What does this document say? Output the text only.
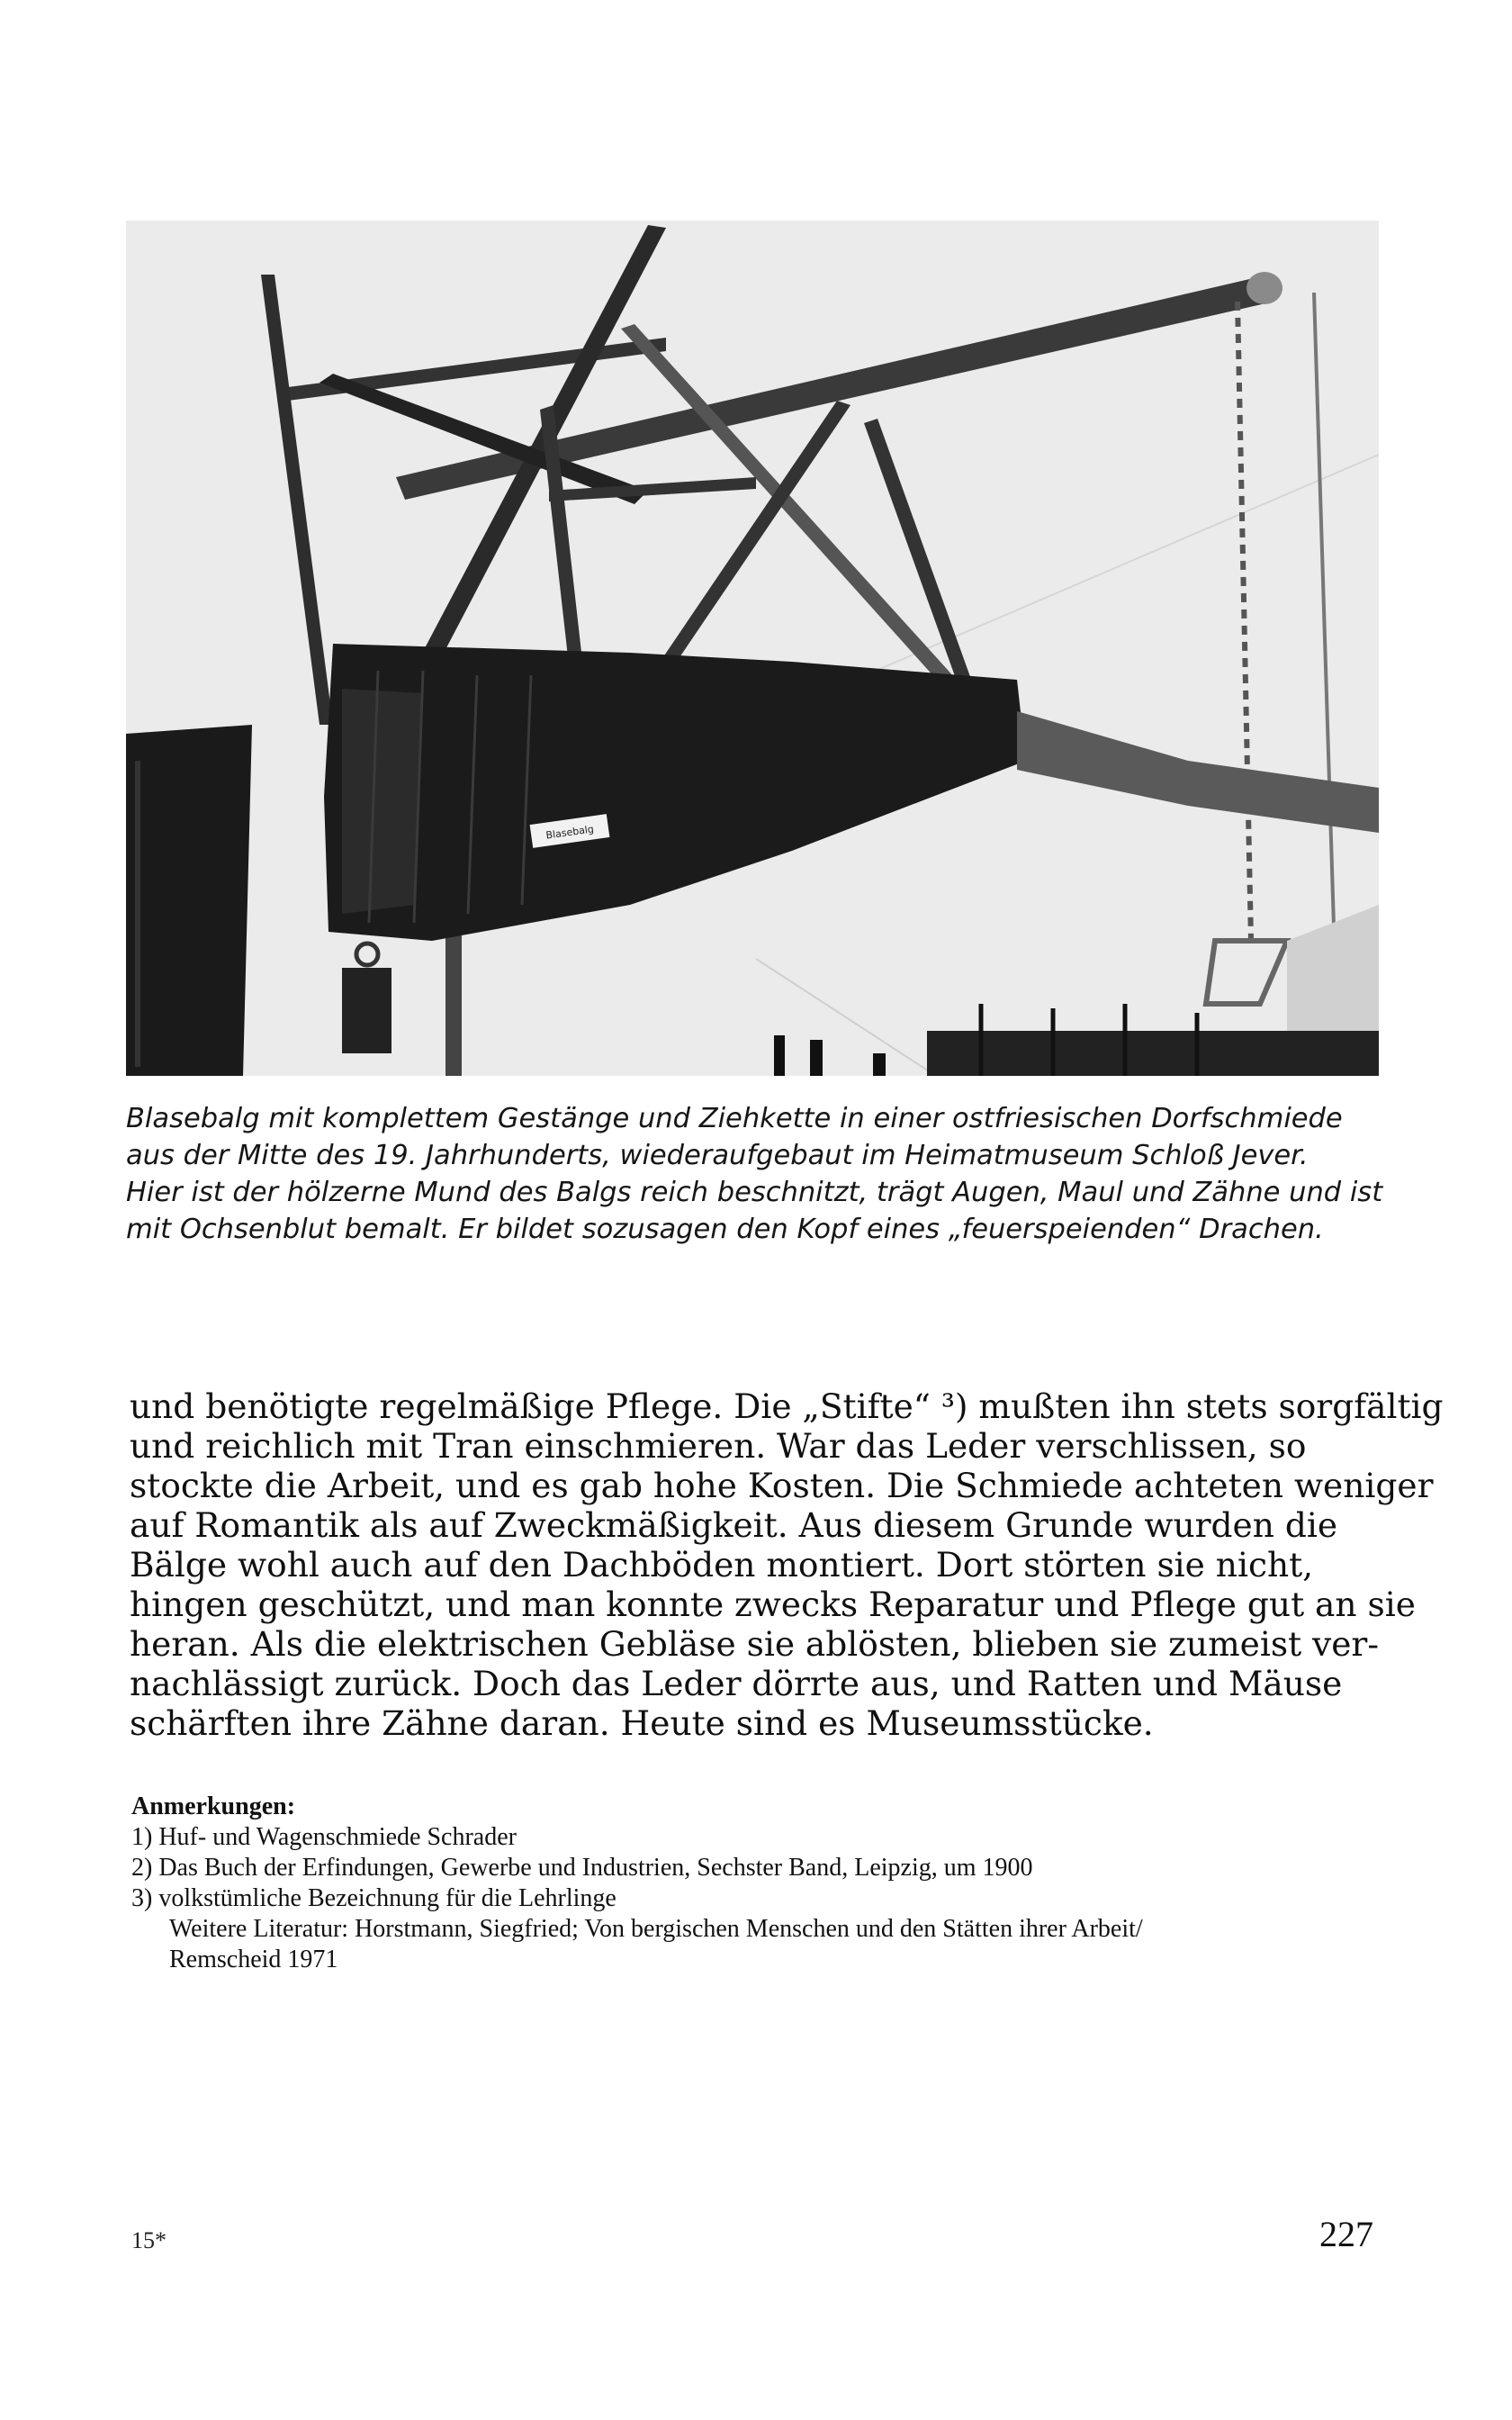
Blasebalg
Blasebalg mit komplettem Gestänge und Ziehkette in einer ostfriesischen Dorfschmiede
aus der Mitte des 19. Jahrhunderts, wiederaufgebaut im Heimatmuseum Schloß Jever.
Hier ist der hölzerne Mund des Balgs reich beschnitzt, trägt Augen, Maul und Zähne und ist
mit Ochsenblut bemalt. Er bildet sozusagen den Kopf eines „feuerspeienden“ Drachen.
und benötigte regelmäßige Pflege. Die „Stifte“ ³) mußten ihn stets sorgfältig
und reichlich mit Tran einschmieren. War das Leder verschlissen, so
stockte die Arbeit, und es gab hohe Kosten. Die Schmiede achteten weniger
auf Romantik als auf Zweckmäßigkeit. Aus diesem Grunde wurden die
Bälge wohl auch auf den Dachböden montiert. Dort störten sie nicht,
hingen geschützt, und man konnte zwecks Reparatur und Pflege gut an sie
heran. Als die elektrischen Gebläse sie ablösten, blieben sie zumeist ver-
nachlässigt zurück. Doch das Leder dörrte aus, und Ratten und Mäuse
schärften ihre Zähne daran. Heute sind es Museumsstücke.
Anmerkungen:
1) Huf- und Wagenschmiede Schrader
2) Das Buch der Erfindungen, Gewerbe und Industrien, Sechster Band, Leipzig, um 1900
3) volkstümliche Bezeichnung für die Lehrlinge
Weitere Literatur: Horstmann, Siegfried; Von bergischen Menschen und den Stätten ihrer Arbeit/
Remscheid 1971
15*	227
